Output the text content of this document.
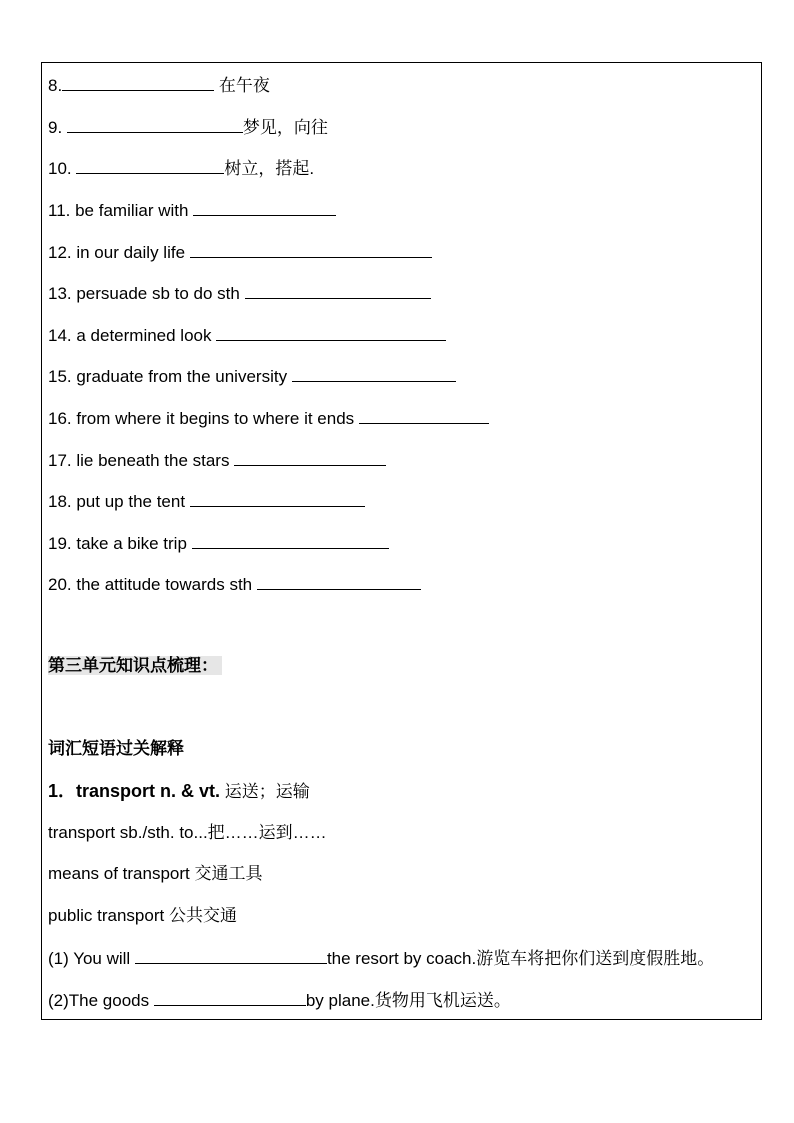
8.	在午夜
9.	梦见，向往
10.	树立，搭起.
11. be familiar with
12. in our daily life
13. persuade sb to do sth
14. a determined look
15. graduate from the university
16. from where it begins to where it ends
17. lie beneath the stars
18. put up the tent
19. take a bike trip
20. the attitude towards sth
第三单元知识点梳理：
词汇短语过关解释
1．transport n. & vt. 运送；运输
transport sb./sth. to...把……运到……
means of transport 交通工具
public transport 公共交通
(1) You will	the resort by coach.游览车将把你们送到度假胜地。
(2)The goods	by plane.货物用飞机运送。
